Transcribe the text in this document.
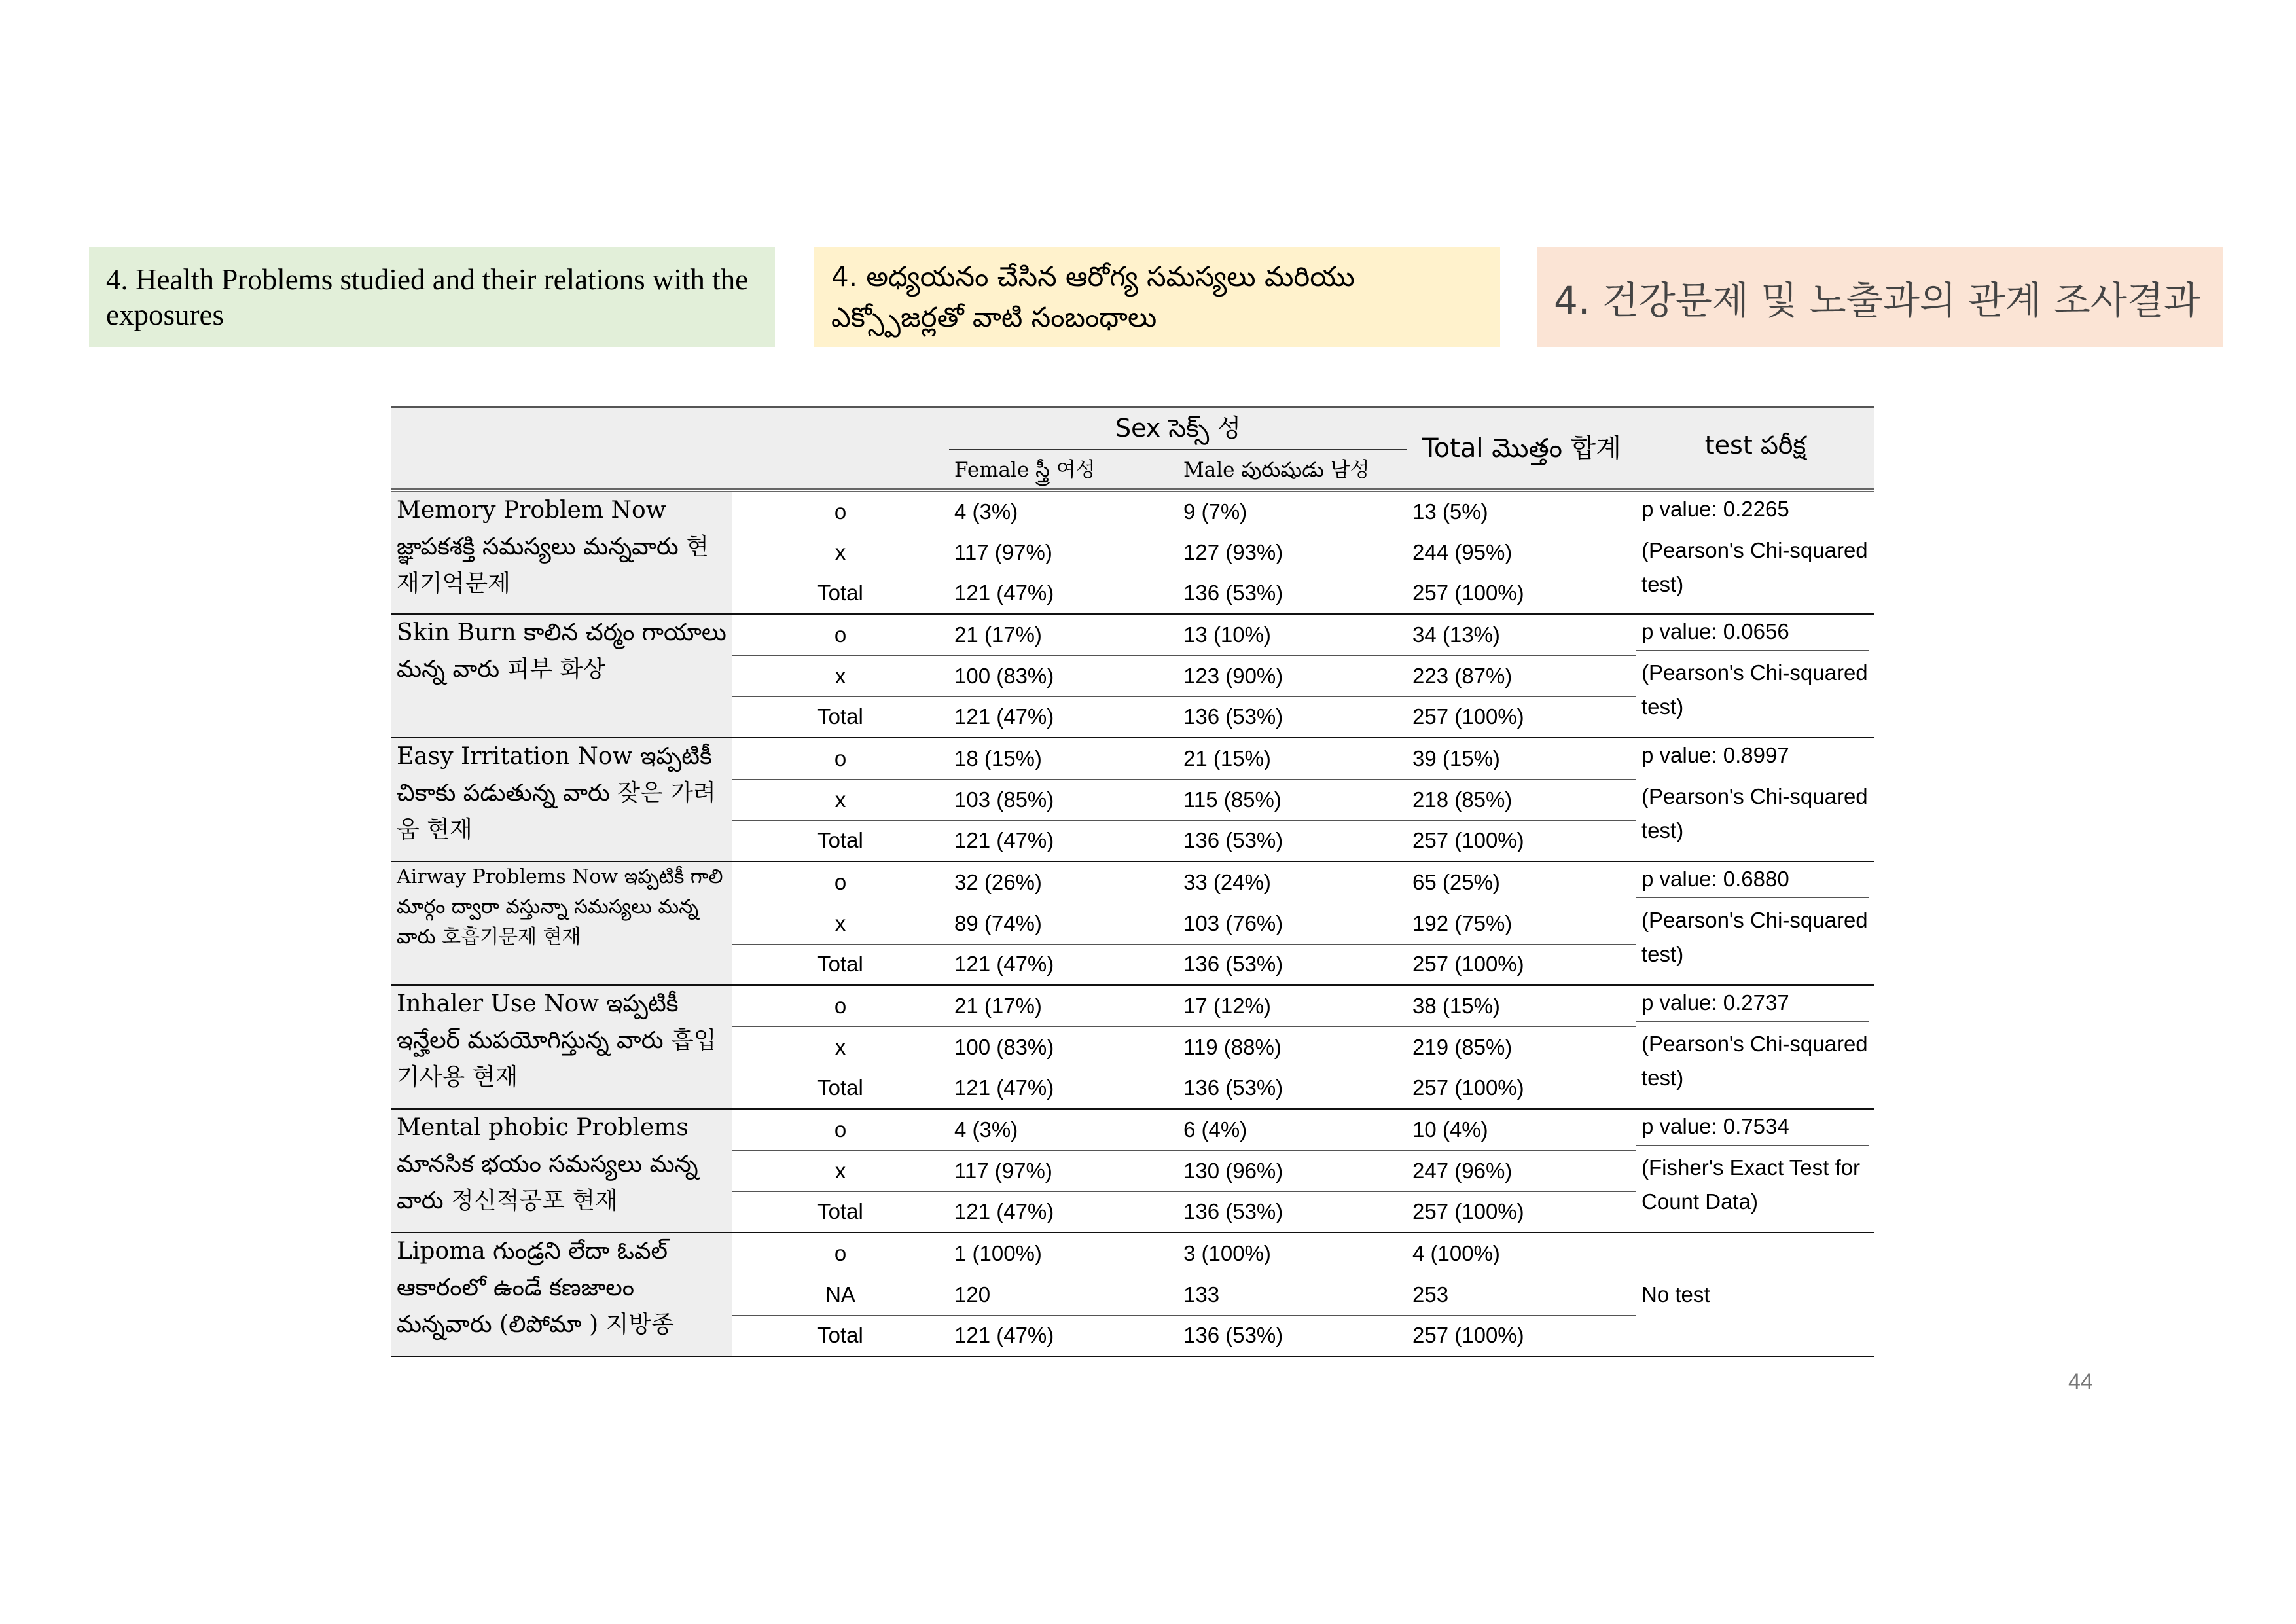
4. Health Problems studied and their relations with the exposures
4. అధ్యయనం చేసిన ఆరోగ్య సమస్యలు మరియు ఎక్స్పోజర్లతో వాటి సంబంధాలు	4. 건강문제 및 노출과의 관계 조사결과
		Sex సెక్స్ 성		Total మొత్తం 합계	test పరీక్ష
		Female స్త్రీ 여성	Male పురుషుడు 남성		
Memory Problem Now జ్ఞాపకశక్తి సమస్యలు మన్నవారు 현재기억문제	o	4 (3%)	9 (7%)	13 (5%)	p value: 0.2265
(Pearson's Chi-squared test)

	x	117 (97%)	127 (93%)	244 (95%)	
	Total	121 (47%)	136 (53%)	257 (100%)	
Skin Burn కాలిన చర్మం గాయాలు మన్న వారు 피부 화상	o	21 (17%)	13 (10%)	34 (13%)	p value: 0.0656
(Pearson's Chi-squared test)

	x	100 (83%)	123 (90%)	223 (87%)	
	Total	121 (47%)	136 (53%)	257 (100%)	
Easy Irritation Now ఇప్పటికీ చికాకు పడుతున్న వారు 잦은 가려움 현재	o	18 (15%)	21 (15%)	39 (15%)	p value: 0.8997
(Pearson's Chi-squared test)

	x	103 (85%)	115 (85%)	218 (85%)	
	Total	121 (47%)	136 (53%)	257 (100%)	
Airway Problems Now ఇప్పటికీ గాలి మార్గం ద్వారా వస్తున్నా సమస్యలు మన్న వారు 호흡기문제 현재	o	32 (26%)	33 (24%)	65 (25%)	p value: 0.6880
(Pearson's Chi-squared test)

	x	89 (74%)	103 (76%)	192 (75%)	
	Total	121 (47%)	136 (53%)	257 (100%)	
Inhaler Use Now ఇప్పటికీ ఇన్హేలర్ మపయోగిస్తున్న వారు 흡입기사용 현재	o	21 (17%)	17 (12%)	38 (15%)	p value: 0.2737
(Pearson's Chi-squared test)

	x	100 (83%)	119 (88%)	219 (85%)	
	Total	121 (47%)	136 (53%)	257 (100%)	
Mental phobic Problems మానసిక భయం సమస్యలు మన్న వారు 정신적공포 현재	o	4 (3%)	6 (4%)	10 (4%)	p value: 0.7534
(Fisher's Exact Test for Count Data)

	x	117 (97%)	130 (96%)	247 (96%)	
	Total	121 (47%)	136 (53%)	257 (100%)	
Lipoma గుండ్రని లేదా ఓవల్ ఆకారంలో ఉండే కణజాలం మన్నవారు (లిపోమా ) 지방종	o	1 (100%)	3 (100%)	4 (100%)	No test

	NA	120	133	253	
	Total	121 (47%)	136 (53%)	257 (100%)	
44
